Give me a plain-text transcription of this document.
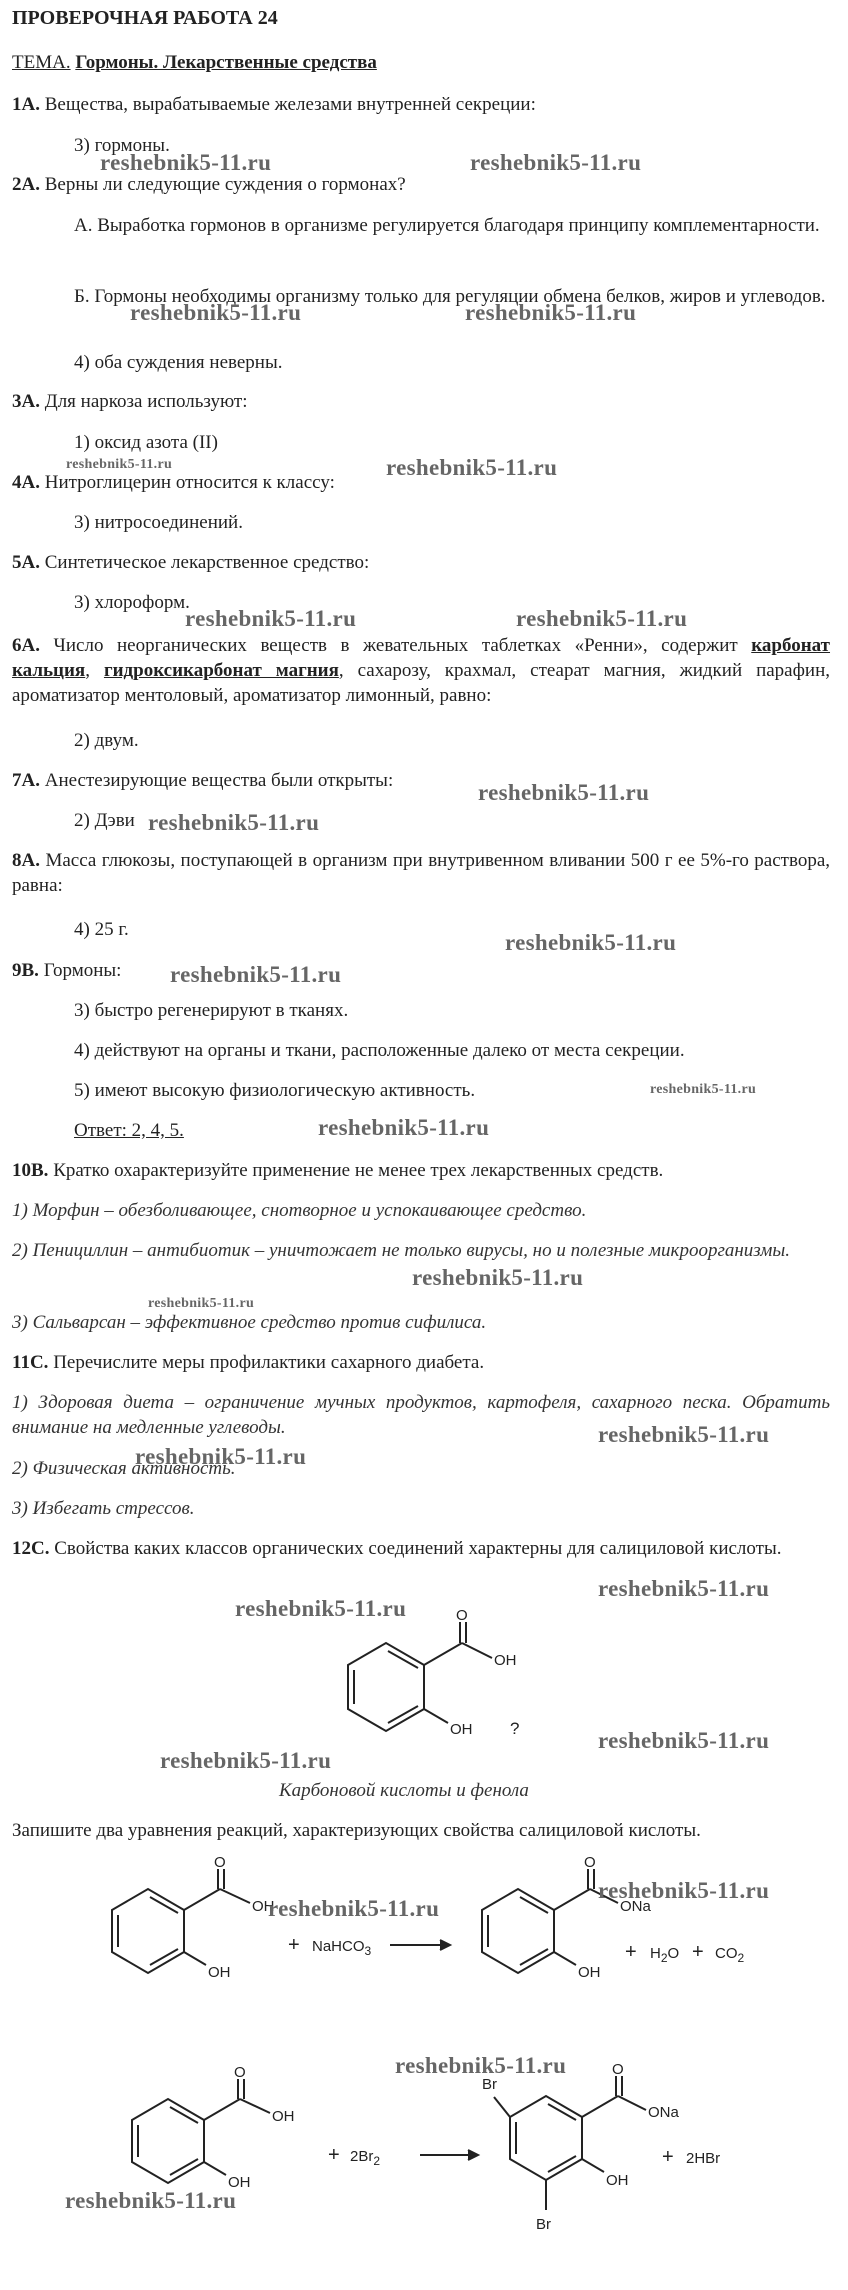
ПРОВЕРОЧНАЯ РАБОТА 24
ТЕМА. Гормоны. Лекарственные средства
1А. Вещества, вырабатываемые железами внутренней секреции:
3) гормоны.
2А. Верны ли следующие суждения о гормонах?
А. Выработка гормонов в организме регулируется благодаря принципу комплементарности.
Б. Гормоны необходимы организму только для регуляции обмена белков, жиров и углеводов.
4) оба суждения неверны.
3А. Для наркоза используют:
1) оксид азота (II)
4А. Нитроглицерин относится к классу:
3) нитросоединений.
5А. Синтетическое лекарственное средство:
3) хлороформ.
6А. Число неорганических веществ в жевательных таблетках «Ренни», содержит карбонат кальция, гидроксикарбонат магния, сахарозу, крахмал, стеарат магния, жидкий парафин, ароматизатор ментоловый, ароматизатор лимонный, равно:
2) двум.
7А. Анестезирующие вещества были открыты:
2) Дэви
8А. Масса глюкозы, поступающей в организм при внутривенном вливании 500 г ее 5%-го раствора, равна:
4) 25 г.
9В. Гормоны:
3) быстро регенерируют в тканях.
4) действуют на органы и ткани, расположенные далеко от места секреции.
5) имеют высокую физиологическую активность.
Ответ: 2, 4, 5.
10В. Кратко охарактеризуйте применение не менее трех лекарственных средств.
1) Морфин – обезболивающее, снотворное и успокаивающее средство.
2) Пенициллин – антибиотик – уничтожает не только вирусы, но и полезные микроорганизмы.
3) Сальварсан – эффективное средство против сифилиса.
11С. Перечислите меры профилактики сахарного диабета.
1) Здоровая диета – ограничение мучных продуктов, картофеля, сахарного песка. Обратить внимание на медленные углеводы.
2) Физическая активность.
3) Избегать стрессов.
12С. Свойства каких классов органических соединений характерны для салициловой кислоты.
O
OH
OH ?
Карбоновой кислоты и фенола
Запишите два уравнения реакций, характеризующих свойства салициловой кислоты.
O
OH
OH
+ NaHCO$_3$
O
ONa
OH
+ $H_2O + CO_2$
O
OH
OH
+ $2Br_2$
Br
Br
O
ONa
OH
+ 2HBr
reshebnik5-11.ru	reshebnik5-11.ru
reshebnik5-11.ru	reshebnik5-11.ru
reshebnik5-11.ru	reshebnik5-11.ru
reshebnik5-11.ru	reshebnik5-11.ru
reshebnik5-11.ru
reshebnik5-11.ru
reshebnik5-11.ru
reshebnik5-11.ru
reshebnik5-11.ru
reshebnik5-11.ru
reshebnik5-11.ru
reshebnik5-11.ru
reshebnik5-11.ru
reshebnik5-11.ru
reshebnik5-11.ru
reshebnik5-11.ru
reshebnik5-11.ru
reshebnik5-11.ru
reshebnik5-11.ru
reshebnik5-11.ru
reshebnik5-11.ru
reshebnik5-11.ru
